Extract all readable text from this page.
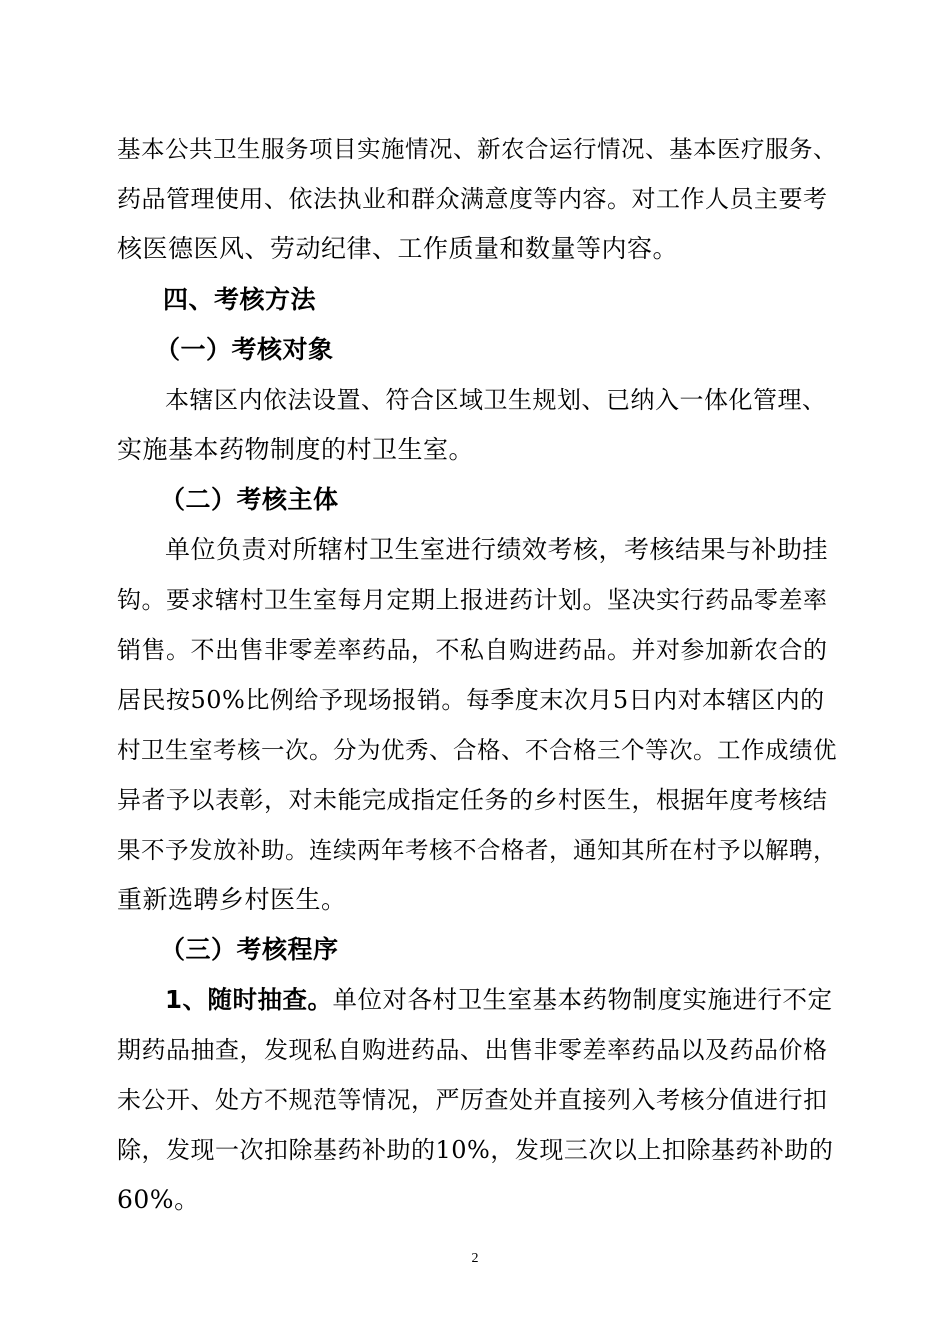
基本公共卫生服务项目实施情况、新农合运行情况、基本医疗服务、
药品管理使用、依法执业和群众满意度等内容。对工作人员主要考
核医德医风、劳动纪律、工作质量和数量等内容。
四、考核方法
（一）考核对象
本辖区内依法设置、符合区域卫生规划、已纳入一体化管理、
实施基本药物制度的村卫生室。
（二）考核主体
单位负责对所辖村卫生室进行绩效考核，考核结果与补助挂
钩。要求辖村卫生室每月定期上报进药计划。坚决实行药品零差率
销售。不出售非零差率药品，不私自购进药品。并对参加新农合的
居民按50%比例给予现场报销。每季度末次月5日内对本辖区内的
村卫生室考核一次。分为优秀、合格、不合格三个等次。工作成绩优
异者予以表彰，对未能完成指定任务的乡村医生，根据年度考核结
果不予发放补助。连续两年考核不合格者，通知其所在村予以解聘，
重新选聘乡村医生。
（三）考核程序
1、随时抽查。单位对各村卫生室基本药物制度实施进行不定
期药品抽查，发现私自购进药品、出售非零差率药品以及药品价格
未公开、处方不规范等情况，严厉查处并直接列入考核分值进行扣
除，发现一次扣除基药补助的10%，发现三次以上扣除基药补助的
60%。
2
